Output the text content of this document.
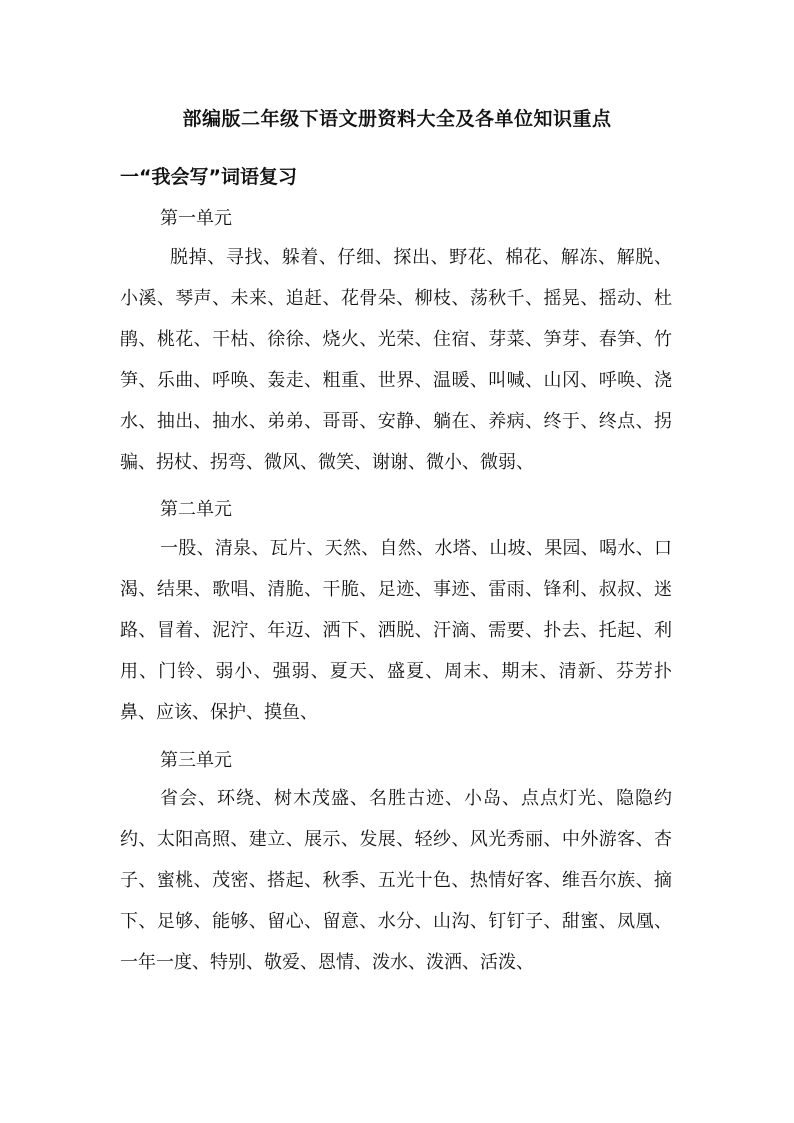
部编版二年级下语文册资料大全及各单位知识重点
一“我会写”词语复习
第一单元
脱掉、寻找、躲着、仔细、探出、野花、棉花、解冻、解脱、小溪、琴声、未来、追赶、花骨朵、柳枝、荡秋千、摇晃、摇动、杜鹃、桃花、干枯、徐徐、烧火、光荣、住宿、芽菜、笋芽、春笋、竹笋、乐曲、呼唤、轰走、粗重、世界、温暖、叫喊、山冈、呼唤、浇水、抽出、抽水、弟弟、哥哥、安静、躺在、养病、终于、终点、拐骗、拐杖、拐弯、微风、微笑、谢谢、微小、微弱、
第二单元
一股、清泉、瓦片、天然、自然、水塔、山坡、果园、喝水、口渴、结果、歌唱、清脆、干脆、足迹、事迹、雷雨、锋利、叔叔、迷路、冒着、泥泞、年迈、洒下、洒脱、汗滴、需要、扑去、托起、利用、门铃、弱小、强弱、夏天、盛夏、周末、期末、清新、芬芳扑鼻、应该、保护、摸鱼、
第三单元
省会、环绕、树木茂盛、名胜古迹、小岛、点点灯光、隐隐约约、太阳高照、建立、展示、发展、轻纱、风光秀丽、中外游客、杏子、蜜桃、茂密、搭起、秋季、五光十色、热情好客、维吾尔族、摘下、足够、能够、留心、留意、水分、山沟、钉钉子、甜蜜、凤凰、一年一度、特别、敬爱、恩情、泼水、泼洒、活泼、
